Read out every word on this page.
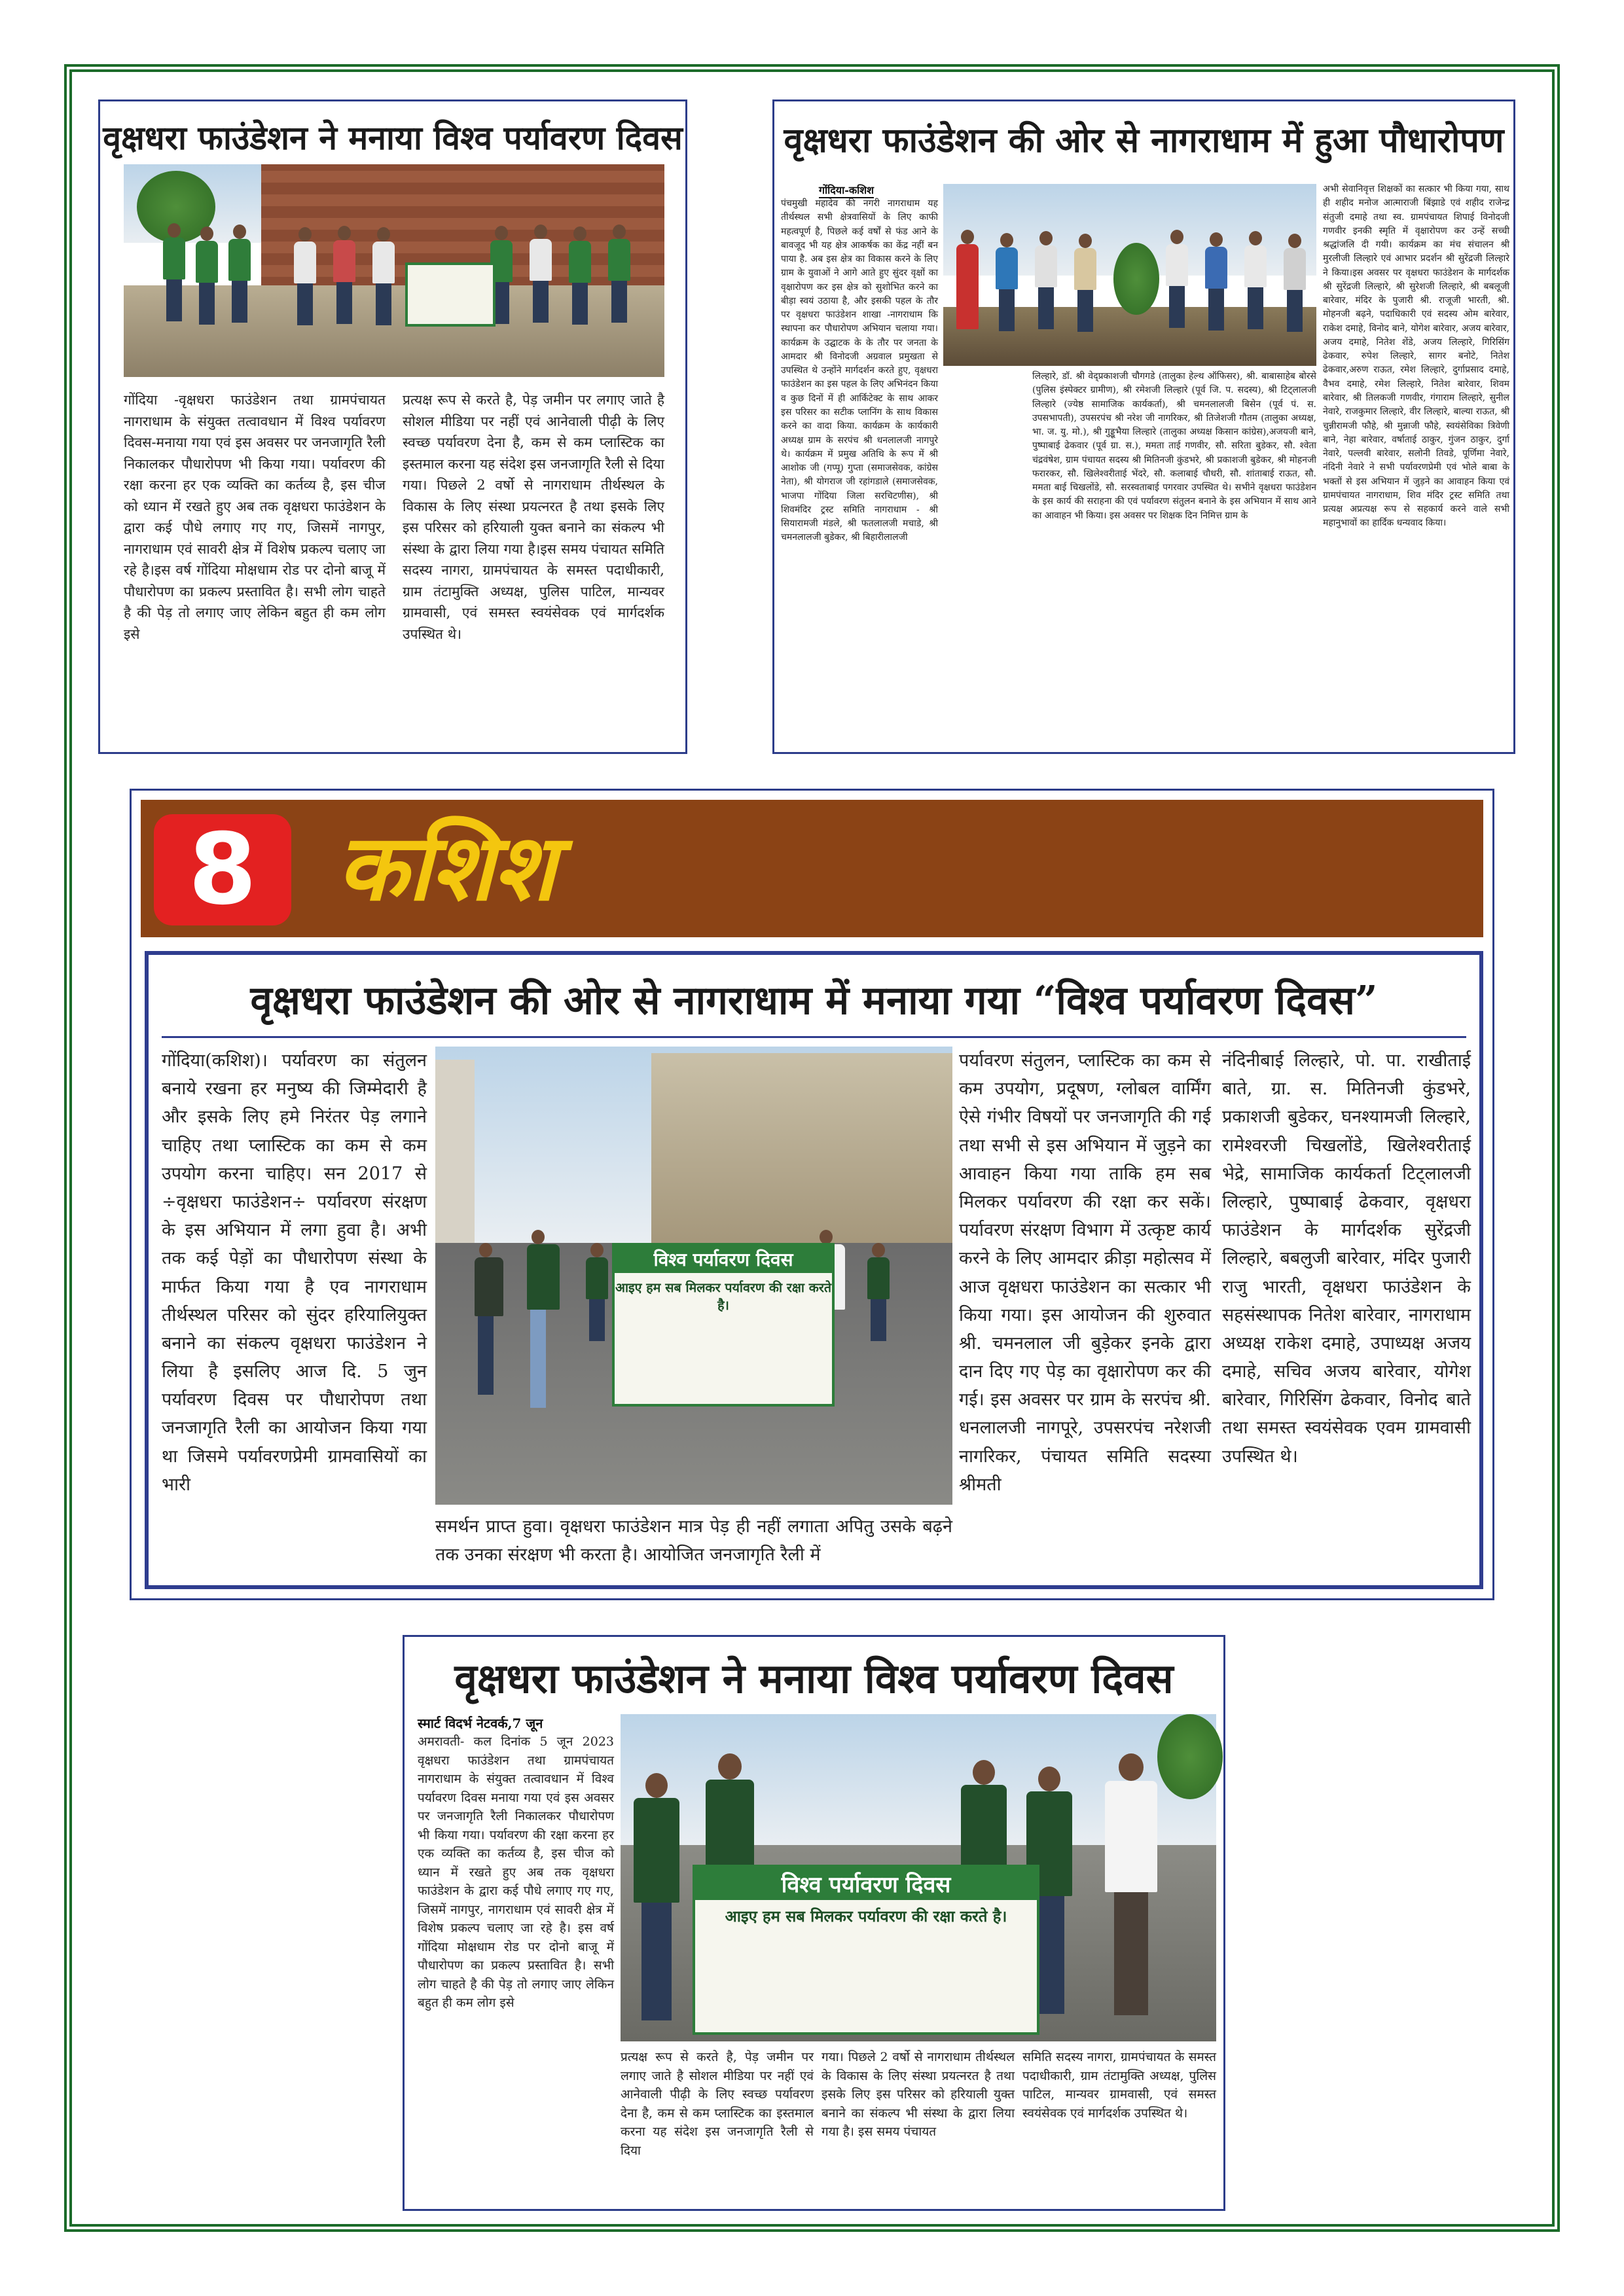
वृक्षधरा फाउंडेशन ने मनाया विश्व पर्यावरण दिवस
गोंदिया -वृक्षधरा फाउंडेशन तथा ग्रामपंचायत नागराधाम के संयुक्त तत्वावधान में विश्व पर्यावरण दिवस-मनाया गया एवं इस अवसर पर जनजागृति रैली निकालकर पौधारोपण भी किया गया। पर्यावरण की रक्षा करना हर एक व्यक्ति का कर्तव्य है, इस चीज को ध्यान में रखते हुए अब तक वृक्षधरा फाउंडेशन के द्वारा कई पौधे लगाए गए गए, जिसमें नागपुर, नागराधाम एवं सावरी क्षेत्र में विशेष प्रकल्प चलाए जा रहे है।इस वर्ष गोंदिया मोक्षधाम रोड पर दोनो बाजू में पौधारोपण का प्रकल्प प्रस्तावित है। सभी लोग चाहते है की पेड़ तो लगाए जाए लेकिन बहुत ही कम लोग इसे
प्रत्यक्ष रूप से करते है, पेड़ जमीन पर लगाए जाते है सोशल मीडिया पर नहीं एवं आनेवाली पीढ़ी के लिए स्वच्छ पर्यावरण देना है, कम से कम प्लास्टिक का इस्तमाल करना यह संदेश इस जनजागृति रैली से दिया गया। पिछले 2 वर्षो से नागराधाम तीर्थस्थल के विकास के लिए संस्था प्रयत्नरत है तथा इसके लिए इस परिसर को हरियाली युक्त बनाने का संकल्प भी संस्था के द्वारा लिया गया है।इस समय पंचायत समिति सदस्य नागरा, ग्रामपंचायत के समस्त पदाधीकारी, ग्राम तंटामुक्ति अध्यक्ष, पुलिस पाटिल, मान्यवर ग्रामवासी, एवं समस्त स्वयंसेवक एवं मार्गदर्शक उपस्थित थे।
वृक्षधरा फाउंडेशन की ओर से नागराधाम में हुआ पौधारोपण
गोंदिया-कशिश
पंचमुखी महादेव की नगरी नागराधाम यह तीर्थस्थल सभी क्षेत्रवासियों के लिए काफी महत्वपूर्ण है, पिछले कई वर्षों से फंड आने के बावजूद भी यह क्षेत्र आकर्षक का केंद्र नहीं बन पाया है. अब इस क्षेत्र का विकास करने के लिए ग्राम के युवाओं ने आगे आते हुए सुंदर वृक्षों का वृक्षारोपण कर इस क्षेत्र को सुशोभित करने का बीड़ा स्वयं उठाया है, और इसकी पहल के तौर पर वृक्षधरा फाउंडेशन शाखा -नागराधाम कि स्थापना कर पौधारोपण अभियान चलाया गया। कार्यक्रम के उद्घाटक के के तौर पर जनता के आमदार श्री विनोदजी अग्रवाल प्रमुखता से उपस्थित थे उन्होंने मार्गदर्शन करते हुए, वृक्षधरा फाउंडेशन का इस पहल के लिए अभिनंदन किया व कुछ दिनों में ही आर्किटेक्ट के साथ आकर इस परिसर का सटीक प्लानिंग के साथ विकास करने का वादा किया. कार्यक्रम के कार्यकारी अध्यक्ष ग्राम के सरपंच श्री धनलालजी नागपुरे थे। कार्यक्रम में प्रमुख अतिथि के रूप में श्री आशोक जी (गप्पू) गुप्ता (समाजसेवक, कांग्रेस नेता), श्री योगराज जी रहांगडाले (समाजसेवक, भाजपा गोंदिया जिला सरचिटणीस), श्री शिवमंदिर ट्रस्ट समिति नागराधाम - श्री सियारामजी मंडले, श्री फतलालजी मचाडे, श्री चमनलालजी बुडेकर, श्री बिहारीलालजी
लिल्हारे, डॉ. श्री वेद्प्रकाशजी चौगगडे (तालुका हेल्थ ऑफिसर), श्री. बाबासाहेब बोरसे (पुलिस इंस्पेक्टर ग्रामीण), श्री रमेशजी लिल्हारे (पूर्व जि. प. सदस्य), श्री टिट्लालजी लिल्हारे (ज्येष्ठ सामाजिक कार्यकर्ता), श्री चमनलालजी बिसेन (पूर्व पं. स. उपसभापती), उपसरपंच श्री नरेश जी नागरिकर, श्री तिजेशजी गौतम (तालुका अध्यक्ष, भा. ज. यु. मो.), श्री गुड्डूभैया लिल्हारे (तालुका अध्यक्ष किसान कांग्रेस),अजयजी बाने, पुष्पाबाई ढेकवार (पूर्व ग्रा. स.), ममता ताई गणवीर, सौ. सरिता बुडेकर, सौ. श्वेता चंद्रवंषेश, ग्राम पंचायत सदस्य श्री मितिनजी कुंडभरे, श्री प्रकाशजी बुडेकर, श्री मोहनजी फरारकर, सौ. खिलेश्वरीताई भेंदरे, सौ. कलाबाई चौधरी, सौ. शांताबाई राऊत, सौ. ममता बाई चिखलोंडे, सौ. सरस्वताबाई पगरवार उपस्थित थे। सभीने वृक्षधरा फाउंडेशन के इस कार्य की सराहना की एवं पर्यावरण संतुलन बनाने के इस अभियान में साथ आने का आवाहन भी किया। इस अवसर पर शिक्षक दिन निमित्त ग्राम के
अभी सेवानिवृत्त शिक्षकों का सत्कार भी किया गया, साथ ही शहीद मनोज आत्माराजी बिंझाडे एवं शहीद राजेन्द्र संतुजी दमाहे तथा स्व. ग्रामपंचायत शिपाई विनोदजी गणवीर इनकी स्मृति में वृक्षारोपण कर उन्हें सच्ची श्रद्धांजलि दी गयी। कार्यक्रम का मंच संचालन श्री मुरलीजी लिल्हारे एवं आभार प्रदर्शन श्री सुरेंद्रजी लिल्हारे ने किया।इस अवसर पर वृक्षधरा फाउंडेशन के मार्गदर्शक श्री सुरेंद्रजी लिल्हारे, श्री सुरेशजी लिल्हारे, श्री बबलूजी बारेवार, मंदिर के पुजारी श्री. राजूजी भारती, श्री. मोहनजी बढ़ने, पदाधिकारी एवं सदस्य ओम बारेवार, राकेश दमाहे, विनोद बाने, योगेश बारेवार, अजय बारेवार, अजय दमाहे, नितेश शेंडे, अजय लिल्हारे, गिरिसिंग ढेकवार, रुपेश लिल्हारे, सागर बनोटे, नितेश ढेकवार,अरुण राऊत, रमेश लिल्हारे, दुर्गाप्रसाद दमाहे, वैभव दमाहे, रमेश लिल्हारे, नितेश बारेवार, शिवम बारेवार, श्री तिलकजी गणवीर, गंगाराम लिल्हारे, सुनील नेवारे, राजकुमार लिल्हारे, वीर लिल्हारे, बाल्या राऊत, श्री चुन्नीरामजी फौहे, श्री मुन्नाजी फौहे, स्वयंसेविका त्रिवेणी बाने, नेहा बारेवार, वर्षाताई ठाकुर, गुंजन ठाकुर, दुर्गा नेवारे, पल्लवी बारेवार, सलोनी तिवडे, पूर्णिमा नेवारे, नंदिनी नेवारे ने सभी पर्यावरणप्रेमी एवं भोले बाबा के भक्तों से इस अभियान में जुड़ने का आवाहन किया एवं ग्रामपंचायत नागराधाम, शिव मंदिर ट्रस्ट समिति तथा प्रत्यक्ष अप्रत्यक्ष रूप से सहकार्य करने वाले सभी महानुभावों का हार्दिक धन्यवाद किया।
8 कशिश
वृक्षधरा फाउंडेशन की ओर से नागराधाम में मनाया गया “विश्व पर्यावरण दिवस”
गोंदिया(कशिश)। पर्यावरण का संतुलन बनाये रखना हर मनुष्य की जिम्मेदारी है और इसके लिए हमे निरंतर पेड़ लगाने चाहिए तथा प्लास्टिक का कम से कम उपयोग करना चाहिए। सन 2017 से ÷वृक्षधरा फाउंडेशन÷ पर्यावरण संरक्षण के इस अभियान में लगा हुवा है। अभी तक कई पेड़ों का पौधारोपण संस्था के मार्फत किया गया है एव नागराधाम तीर्थस्थल परिसर को सुंदर हरियालियुक्त बनाने का संकल्प वृक्षधरा फाउंडेशन ने लिया है इसलिए आज दि. 5 जुन पर्यावरण दिवस पर पौधारोपण तथा जनजागृति रैली का आयोजन किया गया था जिसमे पर्यावरणप्रेमी ग्रामवासियों का भारी
विश्व पर्यावरण दिवस
आइए हम सब मिलकर पर्यावरण की रक्षा करते है।
समर्थन प्राप्त हुवा। वृक्षधरा फाउंडेशन मात्र पेड़ ही नहीं लगाता अपितु उसके बढ़ने तक उनका संरक्षण भी करता है। आयोजित जनजागृति रैली में
पर्यावरण संतुलन, प्लास्टिक का कम से कम उपयोग, प्रदूषण, ग्लोबल वार्मिंग ऐसे गंभीर विषयों पर जनजागृति की गई तथा सभी से इस अभियान में जुड़ने का आवाहन किया गया ताकि हम सब मिलकर पर्यावरण की रक्षा कर सकें। पर्यावरण संरक्षण विभाग में उत्कृष्ट कार्य करने के लिए आमदार क्रीड़ा महोत्सव में आज वृक्षधरा फाउंडेशन का सत्कार भी किया गया। इस आयोजन की शुरुवात श्री. चमनलाल जी बुड़ेकर इनके द्वारा दान दिए गए पेड़ का वृक्षारोपण कर की गई। इस अवसर पर ग्राम के सरपंच श्री. धनलालजी नागपूरे, उपसरपंच नरेशजी नागरिकर, पंचायत समिति सदस्या श्रीमती
नंदिनीबाई लिल्हारे, पो. पा. राखीताई बाते, ग्रा. स. मितिनजी कुंडभरे, प्रकाशजी बुडेकर, घनश्यामजी लिल्हारे, रामेश्वरजी चिखलोंडे, खिलेश्वरीताई भेद्रे, सामाजिक कार्यकर्ता टिट्लालजी लिल्हारे, पुष्पाबाई ढेकवार, वृक्षधरा फाउंडेशन के मार्गदर्शक सुरेंद्रजी लिल्हारे, बबलुजी बारेवार, मंदिर पुजारी राजु भारती, वृक्षधरा फाउंडेशन के सहसंस्थापक नितेश बारेवार, नागराधाम अध्यक्ष राकेश दमाहे, उपाध्यक्ष अजय दमाहे, सचिव अजय बारेवार, योगेश बारेवार, गिरिसिंग ढेकवार, विनोद बाते तथा समस्त स्वयंसेवक एवम ग्रामवासी उपस्थित थे।
वृक्षधरा फाउंडेशन ने मनाया विश्व पर्यावरण दिवस
स्मार्ट विदर्भ नेटवर्क,7 जून
अमरावती- कल दिनांक 5 जून 2023 वृक्षधरा फाउंडेशन तथा ग्रामपंचायत नागराधाम के संयुक्त तत्वावधान में विश्व पर्यावरण दिवस मनाया गया एवं इस अवसर पर जनजागृति रैली निकालकर पौधारोपण भी किया गया। पर्यावरण की रक्षा करना हर एक व्यक्ति का कर्तव्य है, इस चीज को ध्यान में रखते हुए अब तक वृक्षधरा फाउंडेशन के द्वारा कई पौधे लगाए गए गए, जिसमें नागपुर, नागराधाम एवं सावरी क्षेत्र में विशेष प्रकल्प चलाए जा रहे है। इस वर्ष गोंदिया मोक्षधाम रोड पर दोनो बाजू में पौधारोपण का प्रकल्प प्रस्तावित है। सभी लोग चाहते है की पेड़ तो लगाए जाए लेकिन बहुत ही कम लोग इसे
विश्व पर्यावरण दिवस
आइए हम सब मिलकर पर्यावरण की रक्षा करते है।
प्रत्यक्ष रूप से करते है, पेड़ जमीन पर लगाए जाते है सोशल मीडिया पर नहीं एवं आनेवाली पीढ़ी के लिए स्वच्छ पर्यावरण देना है, कम से कम प्लास्टिक का इस्तमाल करना यह संदेश इस जनजागृति रैली से दिया
गया। पिछले 2 वर्षो से नागराधाम तीर्थस्थल के विकास के लिए संस्था प्रयत्नरत है तथा इसके लिए इस परिसर को हरियाली युक्त बनाने का संकल्प भी संस्था के द्वारा लिया गया है। इस समय पंचायत
समिति सदस्य नागरा, ग्रामपंचायत के समस्त पदाधीकारी, ग्राम तंटामुक्ति अध्यक्ष, पुलिस पाटिल, मान्यवर ग्रामवासी, एवं समस्त स्वयंसेवक एवं मार्गदर्शक उपस्थित थे।
